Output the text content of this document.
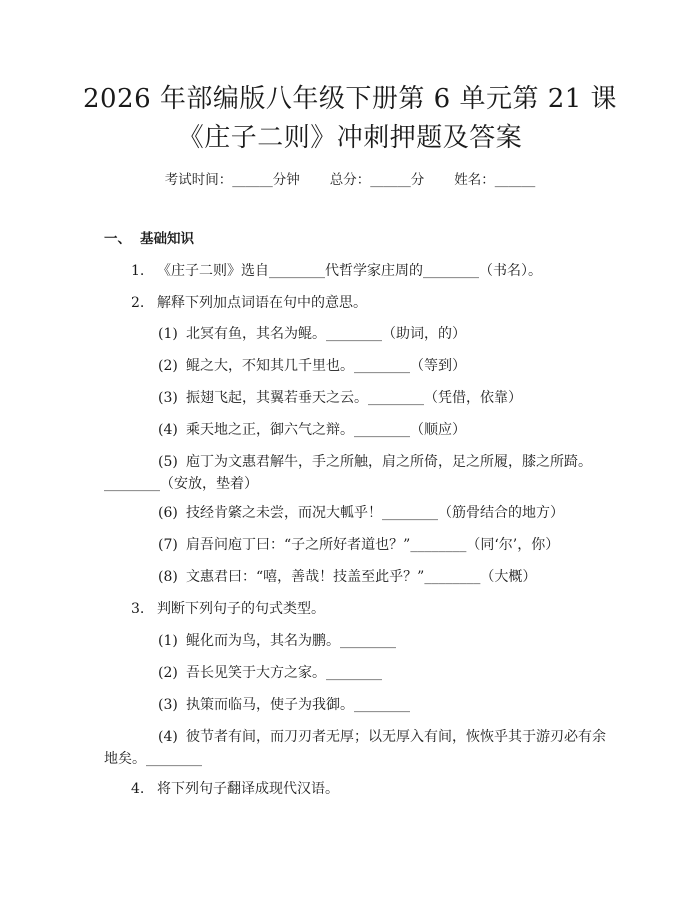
2026 年部编版八年级下册第 6 单元第 21 课
《庄子二则》冲刺押题及答案
考试时间：______分钟 总分：______分 姓名：______
一、 基础知识
1. 《庄子二则》选自________代哲学家庄周的________（书名）。
2. 解释下列加点词语在句中的意思。
(1) 北冥有鱼，其名为鲲。________（助词，的）
(2) 鲲之大，不知其几千里也。________（等到）
(3) 振翅飞起，其翼若垂天之云。________（凭借，依靠）
(4) 乘天地之正，御六气之辩。________（顺应）
(5) 庖丁为文惠君解牛，手之所触，肩之所倚，足之所履，膝之所踦。
________（安放，垫着）
(6) 技经肯綮之未尝，而况大軱乎！________（筋骨结合的地方）
(7) 肩吾问庖丁曰：“子之所好者道也？”________（同‘尔’，你）
(8) 文惠君曰：“嘻，善哉！技盖至此乎？”________（大概）
3. 判断下列句子的句式类型。
(1) 鲲化而为鸟，其名为鹏。________
(2) 吾长见笑于大方之家。________
(3) 执策而临马，使子为我御。________
(4) 彼节者有间，而刀刃者无厚；以无厚入有间，恢恢乎其于游刃必有余
地矣。________
4. 将下列句子翻译成现代汉语。
